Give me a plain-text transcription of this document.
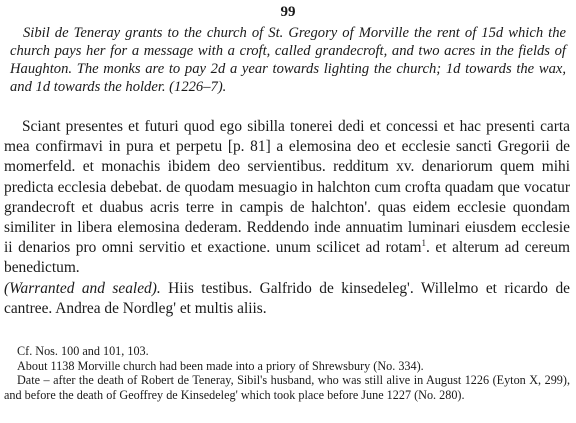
99

Sibil de Teneray grants to the church of St. Gregory of Morville the rent of 15d which the church pays her for a message with a croft, called grandecroft, and two acres in the fields of Haughton. The monks are to pay 2d a year towards lighting the church; 1d towards the wax, and 1d towards the holder. (1226–7).

Sciant presentes et futuri quod ego sibilla tonerei dedi et concessi et hac presenti carta mea confirmavi in pura et perpetu [p. 81] a elemosina deo et ecclesie sancti Gregorii de momerfeld. et monachis ibidem deo servientibus. redditum xv. denariorum quem mihi predicta ecclesia debebat. de quodam mesuagio in halchton cum crofta quadam que vocatur grandecroft et duabus acris terre in campis de halchton'. quas eidem ecclesie quondam similiter in libera elemosina dederam. Reddendo inde annuatim luminari eiusdem ecclesie ii denarios pro omni servitio et exactione. unum scilicet ad rotam$^1$. et alterum ad cereum benedictum.
(Warranted and sealed). Hiis testibus. Galfrido de kinsedeleg'. Willelmo et ricardo de cantree. Andrea de Nordleg' et multis aliis.

Cf. Nos. 100 and 101, 103.

About 1138 Morville church had been made into a priory of Shrewsbury (No. 334).

Date – after the death of Robert de Teneray, Sibil's husband, who was still alive in August 1226 (Eyton X, 299), and before the death of Geoffrey de Kinsedeleg' which took place before June 1227 (No. 280).
